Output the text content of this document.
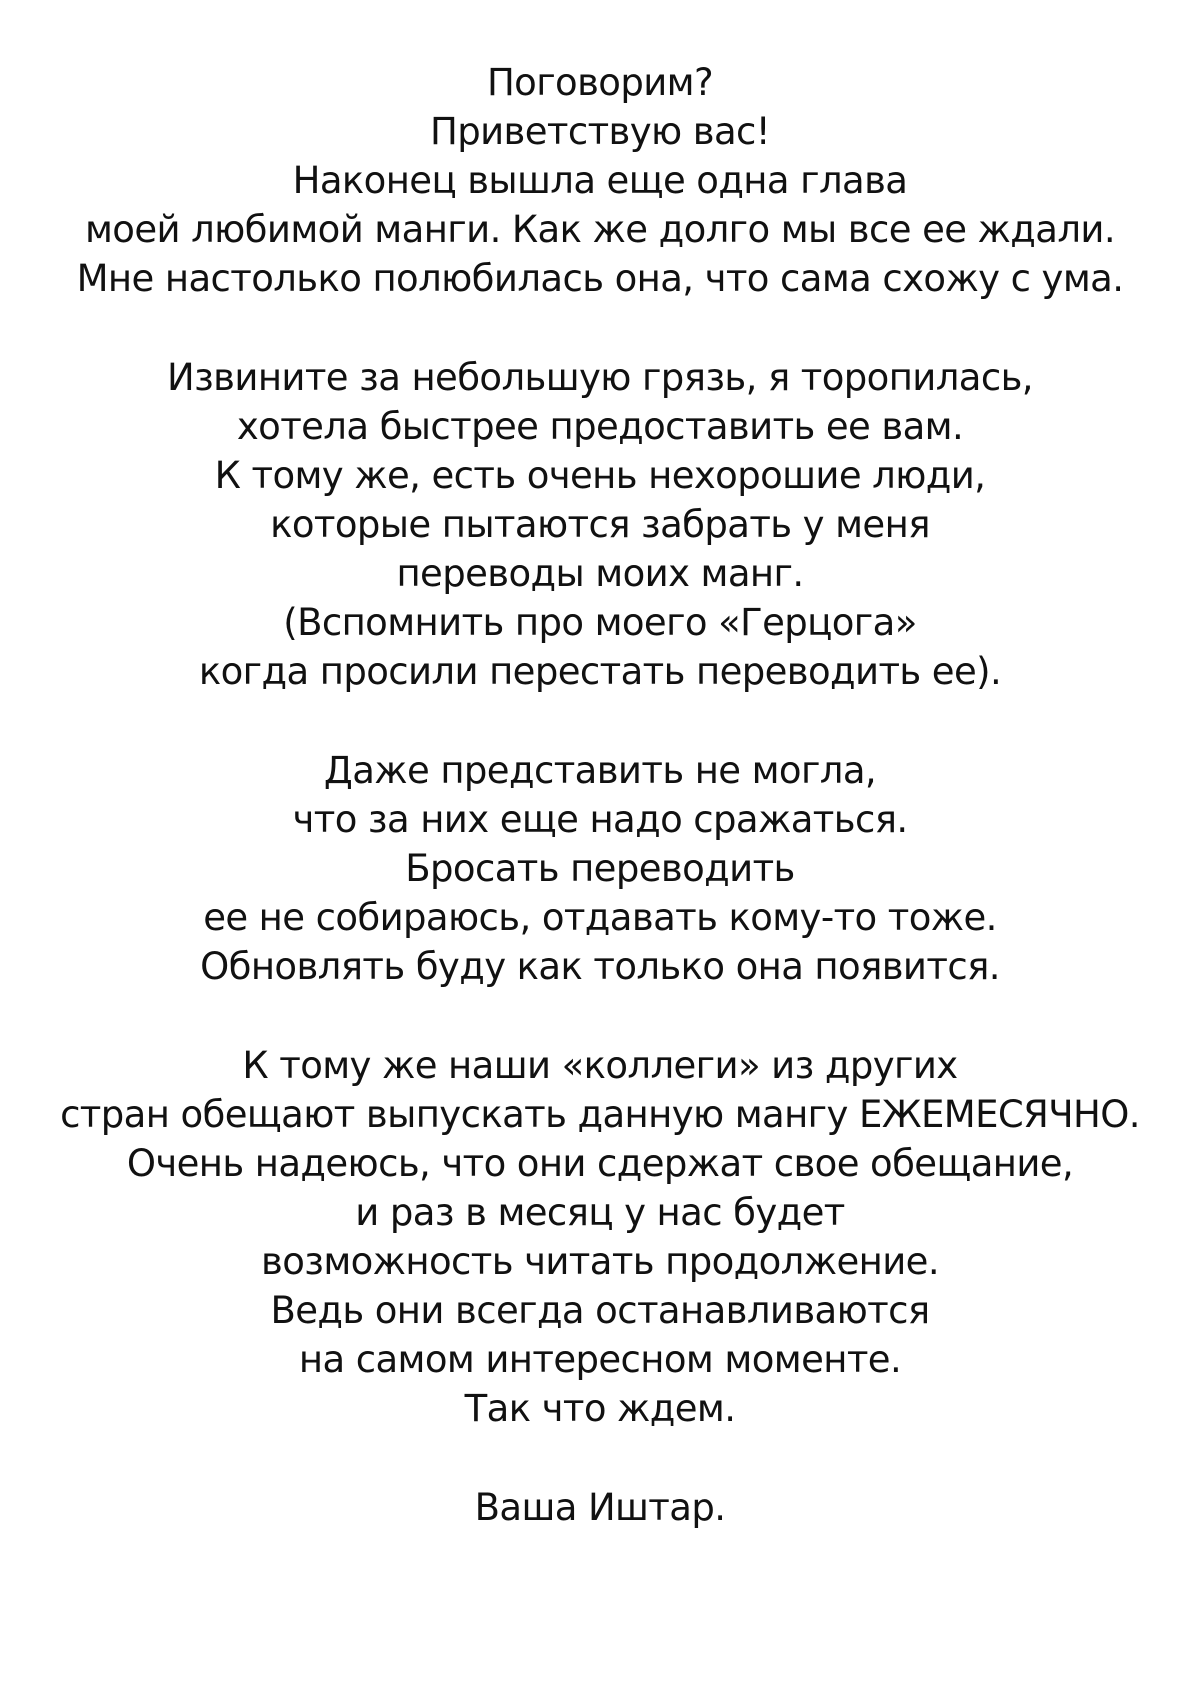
Поговорим?

Приветствую вас!

Наконец вышла еще одна глава

моей любимой манги. Как же долго мы все ее ждали.

Мне настолько полюбилась она, что сама схожу с ума.

Извините за небольшую грязь, я торопилась,

хотела быстрее предоставить ее вам.

К тому же, есть очень нехорошие люди,

которые пытаются забрать у меня

переводы моих манг.

(Вспомнить про моего «Герцога»

когда просили перестать переводить ее).

Даже представить не могла,

что за них еще надо сражаться.

Бросать переводить

ее не собираюсь, отдавать кому-то тоже.

Обновлять буду как только она появится.

К тому же наши «коллеги» из других

стран обещают выпускать данную мангу ЕЖЕМЕСЯЧНО.

Очень надеюсь, что они сдержат свое обещание,

и раз в месяц у нас будет

возможность читать продолжение.

Ведь они всегда останавливаются

на самом интересном моменте.

Так что ждем.

Ваша Иштар.
